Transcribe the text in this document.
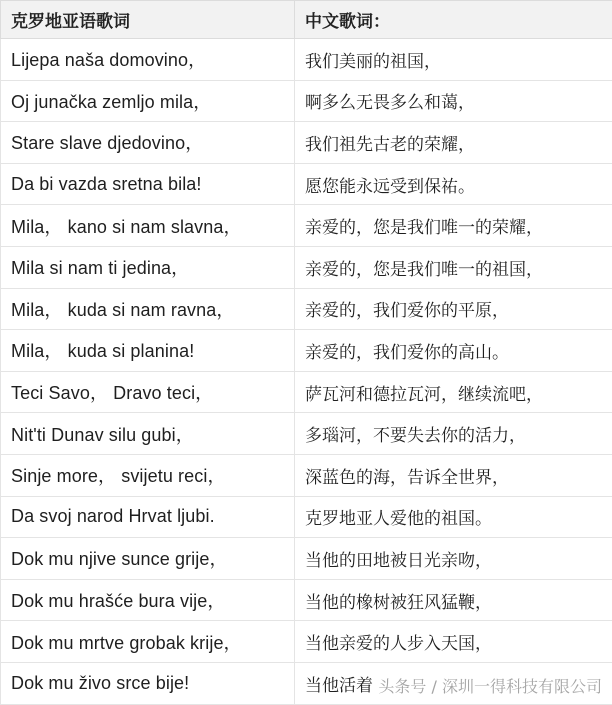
克罗地亚语歌词	中文歌词：
Lijepa naša domovino，	我们美丽的祖国，
Oj junačka zemljo mila，	啊多么无畏多么和蔼，
Stare slave djedovino，	我们祖先古老的荣耀，
Da bi vazda sretna bila!	愿您能永远受到保祐。
Mila， kano si nam slavna，	亲爱的，您是我们唯一的荣耀，
Mila si nam ti jedina，	亲爱的，您是我们唯一的祖国，
Mila， kuda si nam ravna，	亲爱的，我们爱你的平原，
Mila， kuda si planina!	亲爱的，我们爱你的高山。
Teci Savo， Dravo teci，	萨瓦河和德拉瓦河，继续流吧，
Nit'ti Dunav silu gubi，	多瑙河，不要失去你的活力，
Sinje more， svijetu reci，	深蓝色的海，告诉全世界，
Da svoj narod Hrvat ljubi.	克罗地亚人爱他的祖国。
Dok mu njive sunce grije，	当他的田地被日光亲吻，
Dok mu hrašće bura vije，	当他的橡树被狂风猛鞭，
Dok mu mrtve grobak krije，	当他亲爱的人步入天国，
Dok mu živo srce bije!	当他活着 头条号 / 深圳一得科技有限公司
